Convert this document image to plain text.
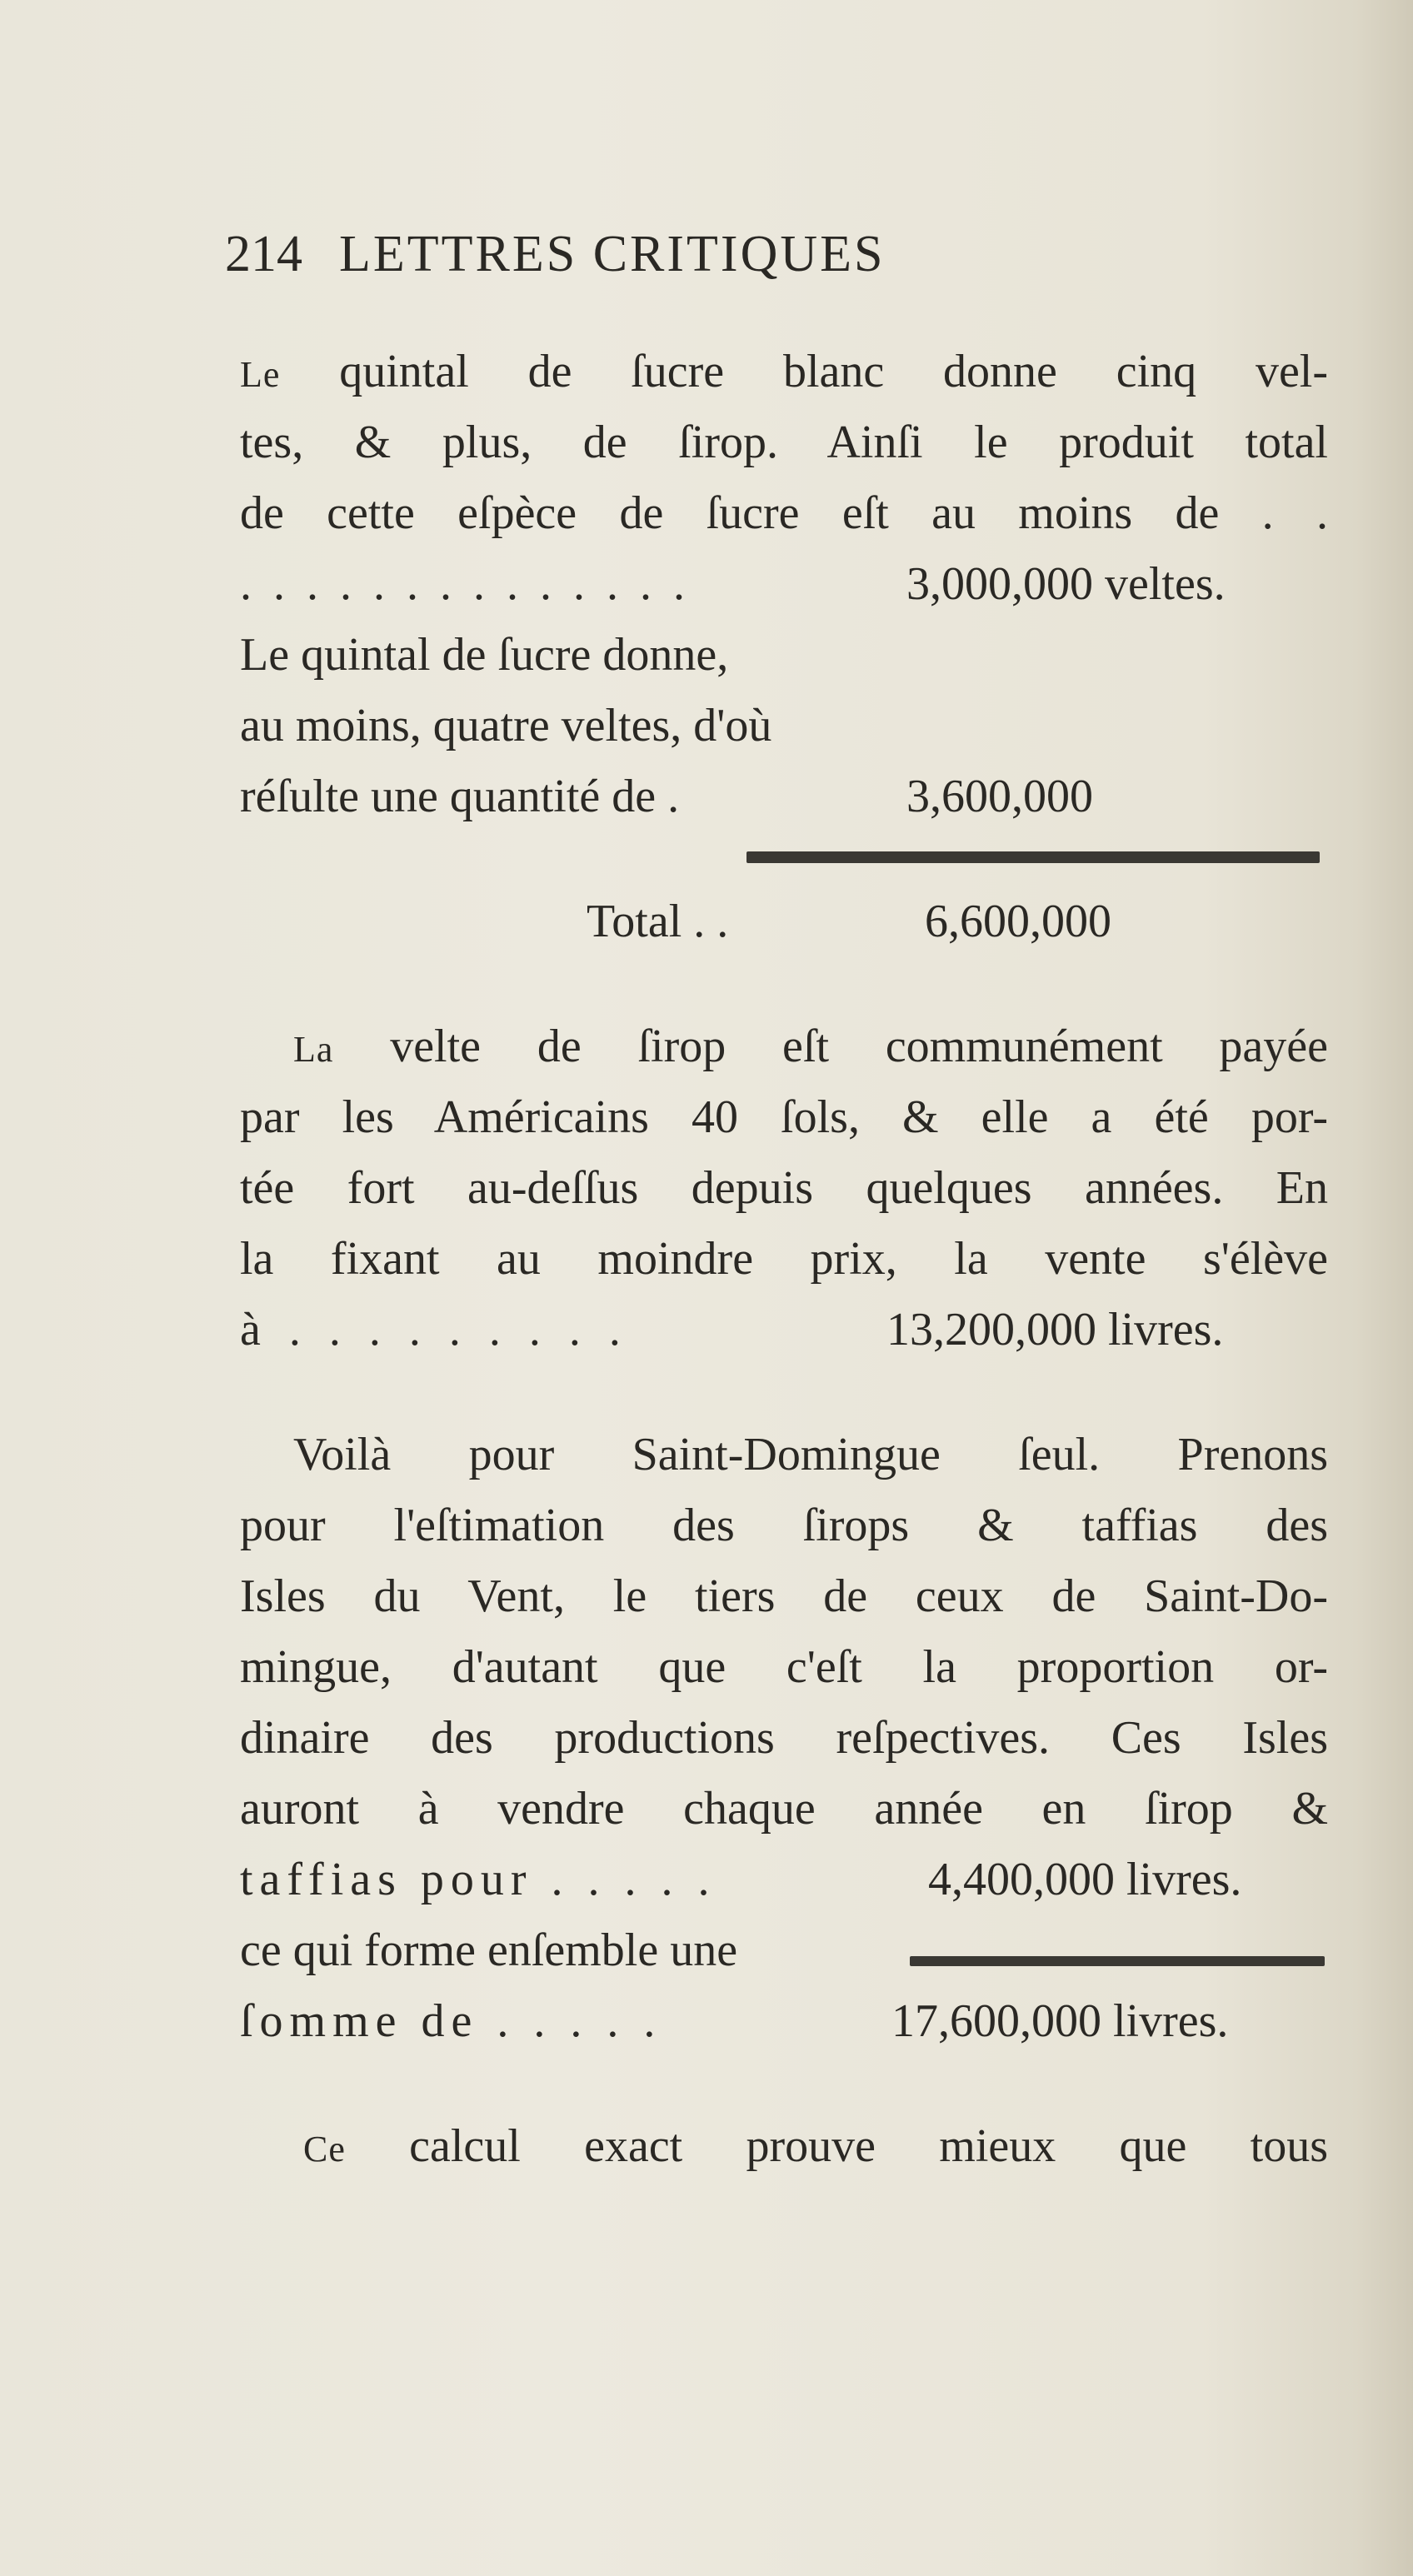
214 LETTRES CRITIQUES
Le quintal de ſucre blanc donne cinq vel-
tes, & plus, de ſirop. Ainſi le produit total
de cette eſpèce de ſucre eſt au moins de . .
. . . . . . . . . . . . . .	3,000,000 veltes.
Le quintal de ſucre donne,
au moins, quatre veltes, d'où
réſulte une quantité de .	3,600,000
Total . .	6,600,000
La velte de ſirop eſt communément payée
par les Américains 40 ſols, & elle a été por-
tée fort au-deſſus depuis quelques années. En
la fixant au moindre prix, la vente s'élève
à . . . . . . . . .	13,200,000 livres.
Voilà pour Saint-Domingue ſeul. Prenons
pour l'eſtimation des ſirops & taffias des
Isles du Vent, le tiers de ceux de Saint-Do-
mingue, d'autant que c'eſt la proportion or-
dinaire des productions reſpectives. Ces Isles
auront à vendre chaque année en ſirop &
taffias pour . . . . .	4,400,000 livres.
ce qui forme enſemble une
ſomme de . . . . .	17,600,000 livres.
Ce calcul exact prouve mieux que tous
